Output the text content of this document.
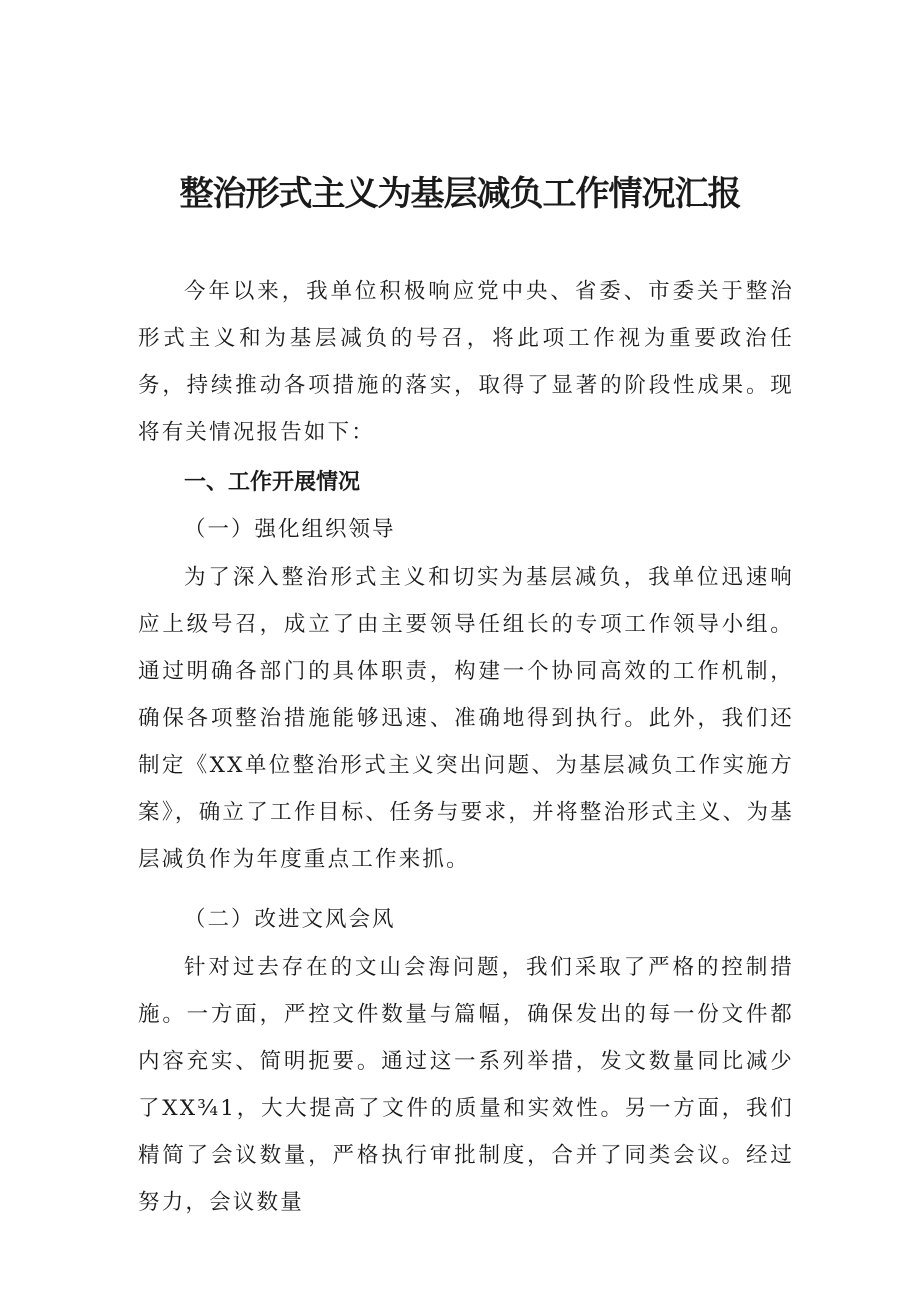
整治形式主义为基层减负工作情况汇报

今年以来，我单位积极响应党中央、省委、市委关于整治形式主义和为基层减负的号召，将此项工作视为重要政治任务，持续推动各项措施的落实，取得了显著的阶段性成果。现将有关情况报告如下：

一、工作开展情况
（一）强化组织领导

为了深入整治形式主义和切实为基层减负，我单位迅速响应上级号召，成立了由主要领导任组长的专项工作领导小组。通过明确各部门的具体职责，构建一个协同高效的工作机制，确保各项整治措施能够迅速、准确地得到执行。此外，我们还制定《XX单位整治形式主义突出问题、为基层减负工作实施方案》，确立了工作目标、任务与要求，并将整治形式主义、为基层减负作为年度重点工作来抓。

（二）改进文风会风

针对过去存在的文山会海问题，我们采取了严格的控制措施。一方面，严控文件数量与篇幅，确保发出的每一份文件都内容充实、简明扼要。通过这一系列举措，发文数量同比减少了XX¾1，大大提高了文件的质量和实效性。另一方面，我们精简了会议数量，严格执行审批制度，合并了同类会议。经过努力，会议数量
